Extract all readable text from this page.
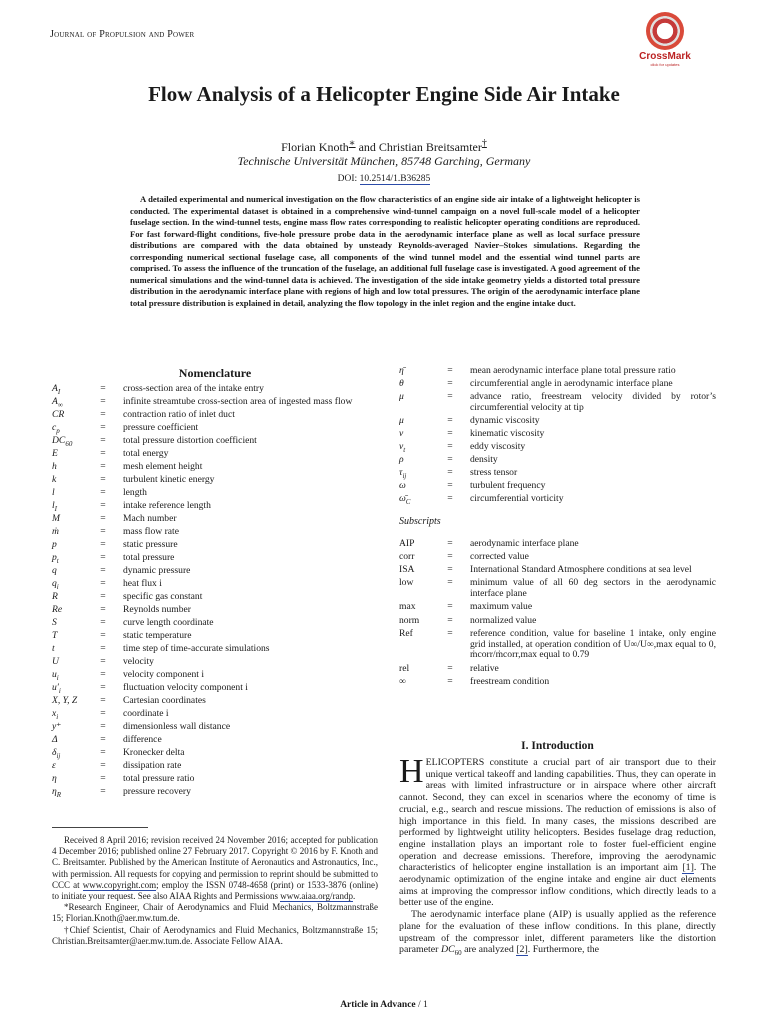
Journal of Propulsion and Power
CrossMark
click for updates
Flow Analysis of a Helicopter Engine Side Air Intake
Florian Knoth∗ and Christian Breitsamter†
Technische Universität München, 85748 Garching, Germany
DOI: 10.2514/1.B36285
A detailed experimental and numerical investigation on the flow characteristics of an engine side air intake of a lightweight helicopter is conducted. The experimental dataset is obtained in a comprehensive wind-tunnel campaign on a novel full-scale model of a helicopter fuselage section. In the wind-tunnel tests, engine mass flow rates corresponding to realistic helicopter operating conditions are reproduced. For fast forward-flight conditions, five-hole pressure probe data in the aerodynamic interface plane as well as local surface pressure distributions are compared with the data obtained by unsteady Reynolds-averaged Navier–Stokes simulations. Regarding the corresponding numerical sectional fuselage case, all components of the wind tunnel model and the essential wind tunnel parts are comprised. To assess the influence of the truncation of the fuselage, an additional full fuselage case is investigated. A good agreement of the numerical simulations and the wind-tunnel data is achieved. The investigation of the side intake geometry yields a distorted total pressure distribution in the aerodynamic interface plane with regions of high and low total pressures. The origin of the aerodynamic interface plane total pressure distribution is explained in detail, analyzing the flow topology in the inlet region and the engine intake duct.
Nomenclature
$A_I$	=	cross-section area of the intake entry
$A_\infty$	=	infinite streamtube cross-section area of ingested mass flow
CR	=	contraction ratio of inlet duct
$c_p$	=	pressure coefficient
$DC_{60}$	=	total pressure distortion coefficient
E	=	total energy
h	=	mesh element height
k	=	turbulent kinetic energy
l	=	length
$l_I$	=	intake reference length
M	=	Mach number
ṁ	=	mass flow rate
p	=	static pressure
$p_t$	=	total pressure
q	=	dynamic pressure
$q_i$	=	heat flux i
R	=	specific gas constant
Re	=	Reynolds number
S	=	curve length coordinate
T	=	static temperature
t	=	time step of time-accurate simulations
U	=	velocity
$u_i$	=	velocity component i
$u'_i$	=	fluctuation velocity component i
X, Y, Z	=	Cartesian coordinates
$x_i$	=	coordinate i
y⁺	=	dimensionless wall distance
Δ	=	difference
$\delta_{ij}$	=	Kronecker delta
ε	=	dissipation rate
η	=	total pressure ratio
$\eta_R$	=	pressure recovery
η̄	=	mean aerodynamic interface plane total pressure ratio
θ	=	circumferential angle in aerodynamic interface plane
μ	=	advance ratio, freestream velocity divided by rotor’s circumferential velocity at tip
μ	=	dynamic viscosity
ν	=	kinematic viscosity
$\nu_t$	=	eddy viscosity
ρ	=	density
$\tau_{ij}$	=	stress tensor
ω	=	turbulent frequency
$\omegā_C$	=	circumferential vorticity
Subscripts
AIP	=	aerodynamic interface plane
corr	=	corrected value
ISA	=	International Standard Atmosphere conditions at sea level
low	=	minimum value of all 60 deg sectors in the aerodynamic interface plane
max	=	maximum value
norm	=	normalized value
Ref	=	reference condition, value for baseline 1 intake, only engine grid installed, at operation condition of U∞/U∞,max equal to 0, ṁcorr/ṁcorr,max equal to 0.79
rel	=	relative
∞	=	freestream condition
I. Introduction

HELICOPTERS constitute a crucial part of air transport due to their unique vertical takeoff and landing capabilities. Thus, they can operate in areas with limited infrastructure or in airspace where other aircraft cannot. Second, they can excel in scenarios where the economy of time is crucial, e.g., search and rescue missions. The reduction of emissions is also of high importance in this field. In many cases, the missions described are performed by lightweight utility helicopters. Besides fuselage drag reduction, engine installation plays an important role to foster fuel-efficient engine operation and decrease emissions. Therefore, improving the aerodynamic characteristics of helicopter engine installation is an important aim [1]. The aerodynamic optimization of the engine intake and engine air duct elements aims at improving the compressor inflow conditions, which directly leads to a better use of the engine.

The aerodynamic interface plane (AIP) is usually applied as the reference plane for the evaluation of these inflow conditions. In this plane, directly upstream of the compressor inlet, different parameters like the distortion parameter $DC_{60}$ are analyzed [2]. Furthermore, the

Received 8 April 2016; revision received 24 November 2016; accepted for publication 4 December 2016; published online 27 February 2017. Copyright © 2016 by F. Knoth and C. Breitsamter. Published by the American Institute of Aeronautics and Astronautics, Inc., with permission. All requests for copying and permission to reprint should be submitted to CCC at www.copyright.com; employ the ISSN 0748-4658 (print) or 1533-3876 (online) to initiate your request. See also AIAA Rights and Permissions www.aiaa.org/randp.

*Research Engineer, Chair of Aerodynamics and Fluid Mechanics, Boltzmannstraße 15; Florian.Knoth@aer.mw.tum.de.

†Chief Scientist, Chair of Aerodynamics and Fluid Mechanics, Boltzmannstraße 15; Christian.Breitsamter@aer.mw.tum.de. Associate Fellow AIAA.

Article in Advance / 1
